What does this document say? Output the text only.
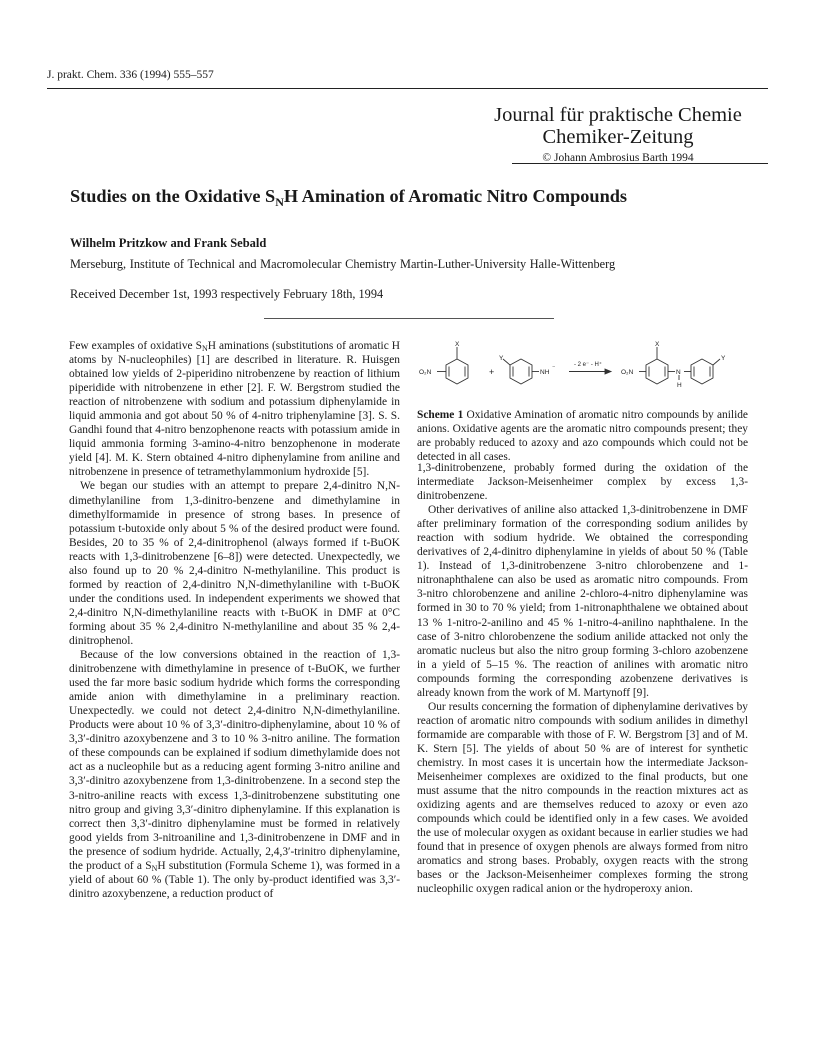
J. prakt. Chem. 336 (1994) 555–557
Journal für praktische Chemie
Chemiker-Zeitung
© Johann Ambrosius Barth 1994
Studies on the Oxidative $S_NH$ Amination of Aromatic Nitro Compounds
Wilhelm Pritzkow and Frank Sebald
Merseburg, Institute of Technical and Macromolecular Chemistry Martin-Luther-University Halle-Wittenberg
Received December 1st, 1993 respectively February 18th, 1994

Few examples of oxidative $S_NH$ aminations (substitutions of aromatic H atoms by N-nucleophiles) [1] are described in literature. R. Huisgen obtained low yields of 2-piperidino nitrobenzene by reaction of lithium piperidide with nitrobenzene in ether [2]. F. W. Bergstrom studied the reaction of nitrobenzene with sodium and potassium diphenylamide in liquid ammonia and got about 50 % of 4-nitro triphenylamine [3]. S. S. Gandhi found that 4-nitro benzophenone reacts with potassium amide in liquid ammonia forming 3-amino-4-nitro benzophenone in moderate yield [4]. M. K. Stern obtained 4-nitro diphenylamine from aniline and nitrobenzene in presence of tetramethylammonium hydroxide [5].

We began our studies with an attempt to prepare 2,4-dinitro N,N-dimethylaniline from 1,3-dinitro-benzene and dimethylamine in dimethylformamide in presence of strong bases. In presence of potassium t-butoxide only about 5 % of the desired product were found. Besides, 20 to 35 % of 2,4-dinitrophenol (always formed if t-BuOK reacts with 1,3-dinitrobenzene [6–8]) were detected. Unexpectedly, we also found up to 20 % 2,4-dinitro N-methylaniline. This product is formed by reaction of 2,4-dinitro N,N-dimethylaniline with t-BuOK under the conditions used. In independent experiments we showed that 2,4-dinitro N,N-dimethylaniline reacts with t-BuOK in DMF at 0°C forming about 35 % 2,4-dinitro N-methylaniline and about 35 % 2,4-dinitrophenol.

Because of the low conversions obtained in the reaction of 1,3-dinitrobenzene with dimethylamine in presence of t-BuOK, we further used the far more basic sodium hydride which forms the corresponding amide anion with dimethylamine in a preliminary reaction. Unexpectedly. we could not detect 2,4-dinitro N,N-dimethylaniline. Products were about 10 % of 3,3′-dinitro-diphenylamine, about 10 % of 3,3′-dinitro azoxybenzene and 3 to 10 % 3-nitro aniline. The formation of these compounds can be explained if sodium dimethylamide does not act as a nucleophile but as a reducing agent forming 3-nitro aniline and 3,3′-dinitro azoxybenzene from 1,3-dinitrobenzene. In a second step the 3-nitro-aniline reacts with excess 1,3-dinitrobenzene substituting one nitro group and giving 3,3′-dinitro diphenylamine. If this explanation is correct then 3,3′-dinitro diphenylamine must be formed in relatively good yields from 3-nitroaniline and 1,3-dinitrobenzene in DMF and in the presence of sodium hydride. Actually, 2,4,3′-trinitro diphenylamine, the product of a $S_NH$ substitution (Formula Scheme 1), was formed in a yield of about 60 % (Table 1). The only by-product identified was 3,3′-dinitro azoxybenzene, a reduction product of

X
O₂N	+
Y
NH
⁻	- 2 e⁻ - H⁺
O₂N
X
N
H
Y
Scheme 1 Oxidative Amination of aromatic nitro compounds by anilide anions. Oxidative agents are the aromatic nitro compounds present; they are probably reduced to azoxy and azo compounds which could not be detected in all cases.

1,3-dinitrobenzene, probably formed during the oxidation of the intermediate Jackson-Meisenheimer complex by excess 1,3-dinitrobenzene.

Other derivatives of aniline also attacked 1,3-dinitrobenzene in DMF after preliminary formation of the corresponding sodium anilides by reaction with sodium hydride. We obtained the corresponding derivatives of 2,4-dinitro diphenylamine in yields of about 50 % (Table 1). Instead of 1,3-dinitrobenzene 3-nitro chlorobenzene and 1-nitronaphthalene can also be used as aromatic nitro compounds. From 3-nitro chlorobenzene and aniline 2-chloro-4-nitro diphenylamine was formed in 30 to 70 % yield; from 1-nitronaphthalene we obtained about 13 % 1-nitro-2-anilino and 45 % 1-nitro-4-anilino naphthalene. In the case of 3-nitro chlorobenzene the sodium anilide attacked not only the aromatic nucleus but also the nitro group forming 3-chloro azobenzene in a yield of 5–15 %. The reaction of anilines with aromatic nitro compounds forming the corresponding azobenzene derivatives is already known from the work of M. Martynoff [9].

Our results concerning the formation of diphenylamine derivatives by reaction of aromatic nitro compounds with sodium anilides in dimethyl formamide are comparable with those of F. W. Bergstrom [3] and of M. K. Stern [5]. The yields of about 50 % are of interest for synthetic chemistry. In most cases it is uncertain how the intermediate Jackson-Meisenheimer complexes are oxidized to the final products, but one must assume that the nitro compounds in the reaction mixtures act as oxidizing agents and are themselves reduced to azoxy or even azo compounds which could be identified only in a few cases. We avoided the use of molecular oxygen as oxidant because in earlier studies we had found that in presence of oxygen phenols are always formed from nitro aromatics and strong bases. Probably, oxygen reacts with the strong bases or the Jackson-Meisenheimer complexes forming the strong nucleophilic oxygen radical anion or the hydroperoxy anion.
